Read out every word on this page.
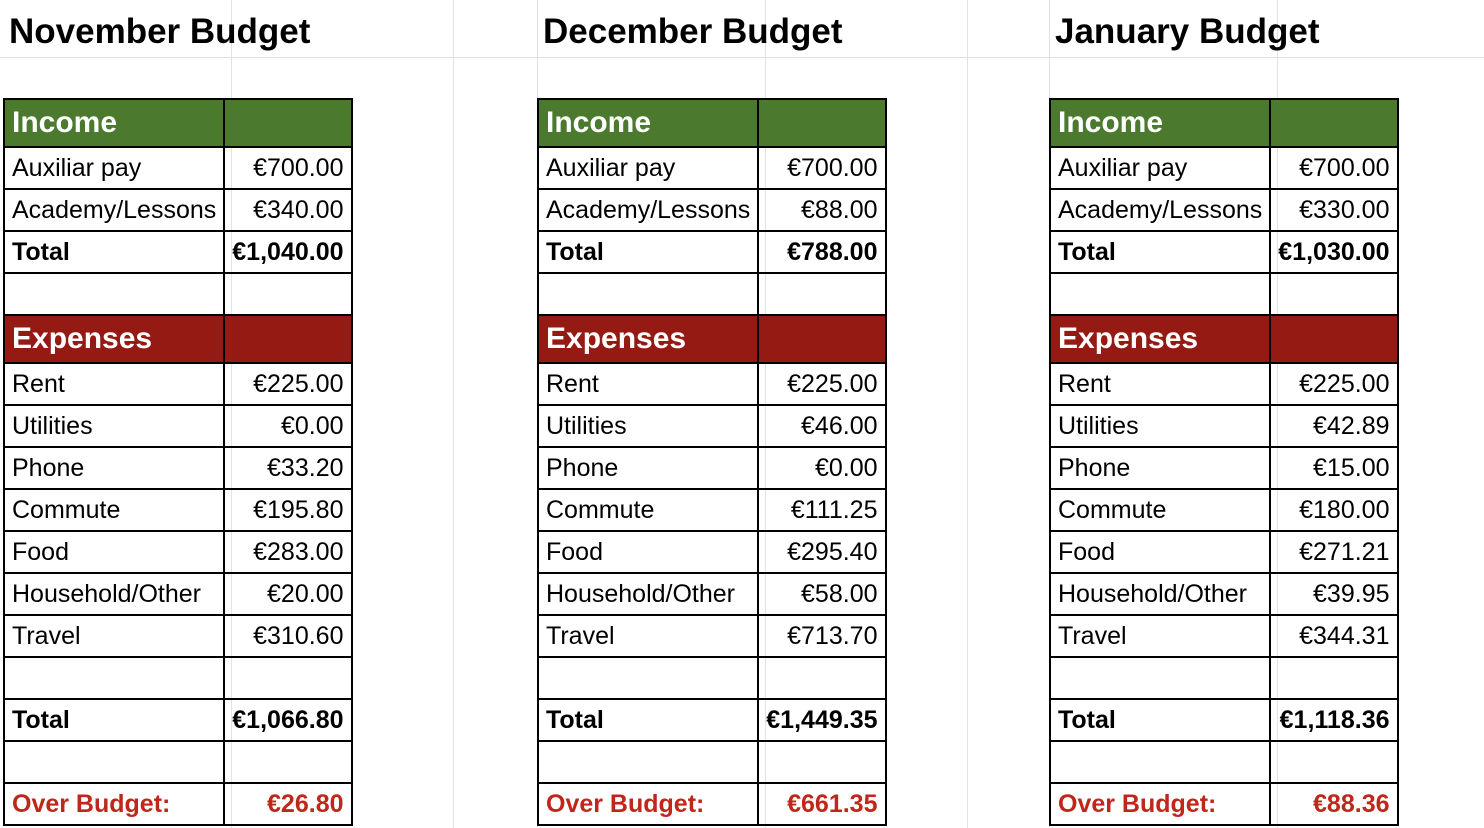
November Budget
Income	
Auxiliar pay	€700.00
Academy/Lessons	€340.00
Total	€1,040.00

Expenses	
Rent	€225.00
Utilities	€0.00
Phone	€33.20
Commute	€195.80
Food	€283.00
Household/Other	€20.00
Travel	€310.60

Total	€1,066.80

Over Budget:	€26.80
December Budget
Income	
Auxiliar pay	€700.00
Academy/Lessons	€88.00
Total	€788.00

Expenses	
Rent	€225.00
Utilities	€46.00
Phone	€0.00
Commute	€111.25
Food	€295.40
Household/Other	€58.00
Travel	€713.70

Total	€1,449.35

Over Budget:	€661.35
January Budget
Income	
Auxiliar pay	€700.00
Academy/Lessons	€330.00
Total	€1,030.00

Expenses	
Rent	€225.00
Utilities	€42.89
Phone	€15.00
Commute	€180.00
Food	€271.21
Household/Other	€39.95
Travel	€344.31

Total	€1,118.36

Over Budget:	€88.36
